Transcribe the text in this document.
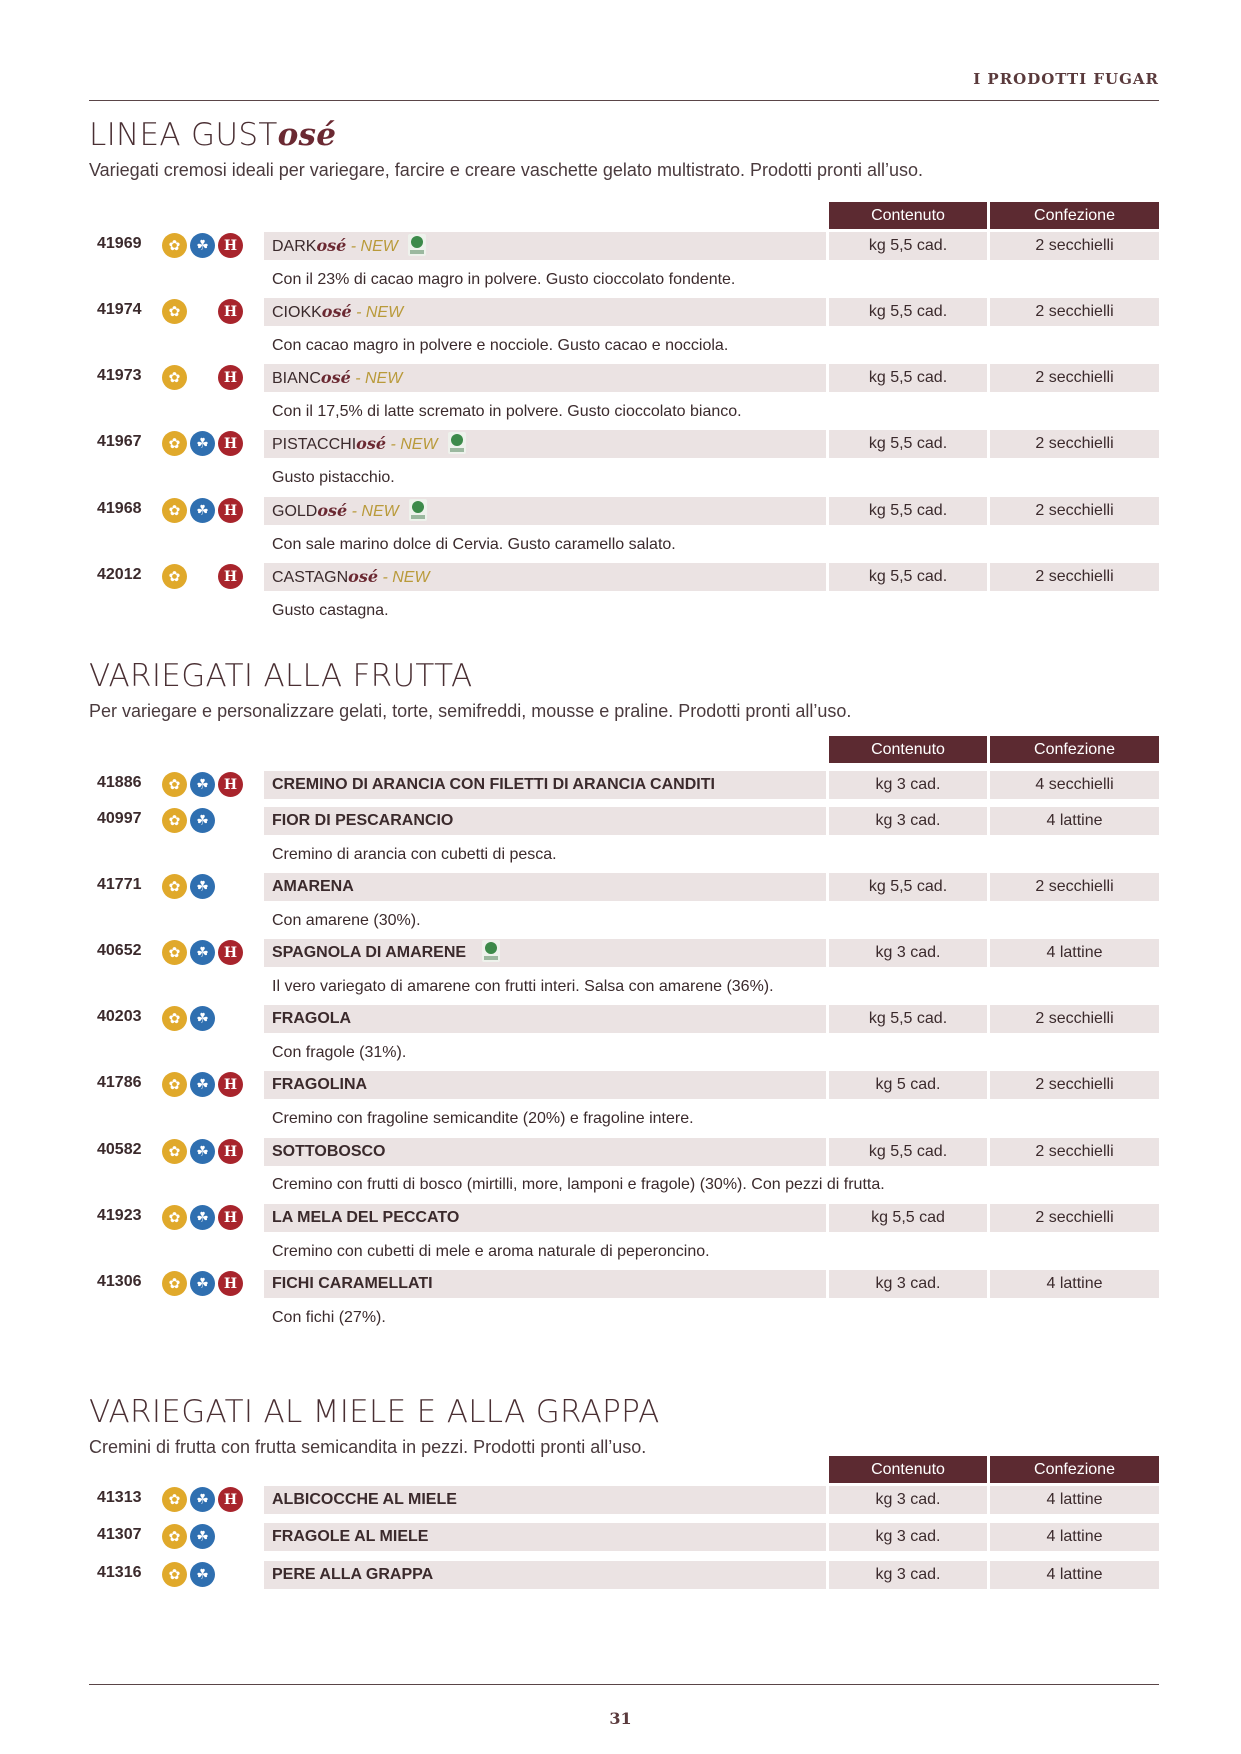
I PRODOTTI FUGAR
LINEA GUSTosé
Variegati cremosi ideali per variegare, farcire e creare vaschette gelato multistrato. Prodotti pronti all’uso.
Contenuto	Confezione
41969	✿	☘	H	DARKosé - NEW	kg 5,5 cad.	2 secchielli
Con il 23% di cacao magro in polvere. Gusto cioccolato fondente.
41974	✿	H	CIOKKosé - NEW	kg 5,5 cad.	2 secchielli
Con cacao magro in polvere e nocciole. Gusto cacao e nocciola.
41973	✿	H	BIANCosé - NEW	kg 5,5 cad.	2 secchielli
Con il 17,5% di latte scremato in polvere. Gusto cioccolato bianco.
41967	✿	☘	H	PISTACCHIosé - NEW	kg 5,5 cad.	2 secchielli
Gusto pistacchio.
41968	✿	☘	H	GOLDosé - NEW	kg 5,5 cad.	2 secchielli
Con sale marino dolce di Cervia. Gusto caramello salato.
42012	✿	H	CASTAGNosé - NEW	kg 5,5 cad.	2 secchielli
Gusto castagna.
VARIEGATI ALLA FRUTTA
Per variegare e personalizzare gelati, torte, semifreddi, mousse e praline. Prodotti pronti all’uso.
Contenuto	Confezione
41886	✿	☘	H	CREMINO DI ARANCIA CON FILETTI DI ARANCIA CANDITI	kg 3 cad.	4 secchielli
40997	✿	☘	FIOR DI PESCARANCIO	kg 3 cad.	4 lattine
Cremino di arancia con cubetti di pesca.
41771	✿	☘	AMARENA	kg 5,5 cad.	2 secchielli
Con amarene (30%).
40652	✿	☘	H	SPAGNOLA DI AMARENE	kg 3 cad.	4 lattine
Il vero variegato di amarene con frutti interi. Salsa con amarene (36%).
40203	✿	☘	FRAGOLA	kg 5,5 cad.	2 secchielli
Con fragole (31%).
41786	✿	☘	H	FRAGOLINA	kg 5 cad.	2 secchielli
Cremino con fragoline semicandite (20%) e fragoline intere.
40582	✿	☘	H	SOTTOBOSCO	kg 5,5 cad.	2 secchielli
Cremino con frutti di bosco (mirtilli, more, lamponi e fragole) (30%). Con pezzi di frutta.
41923	✿	☘	H	LA MELA DEL PECCATO	kg 5,5 cad	2 secchielli
Cremino con cubetti di mele e aroma naturale di peperoncino.
41306	✿	☘	H	FICHI CARAMELLATI	kg 3 cad.	4 lattine
Con fichi (27%).
VARIEGATI AL MIELE E ALLA GRAPPA
Cremini di frutta con frutta semicandita in pezzi. Prodotti pronti all’uso.
Contenuto	Confezione
41313	✿	☘	H	ALBICOCCHE AL MIELE	kg 3 cad.	4 lattine
41307	✿	☘	FRAGOLE AL MIELE	kg 3 cad.	4 lattine
41316	✿	☘	PERE ALLA GRAPPA	kg 3 cad.	4 lattine
31
